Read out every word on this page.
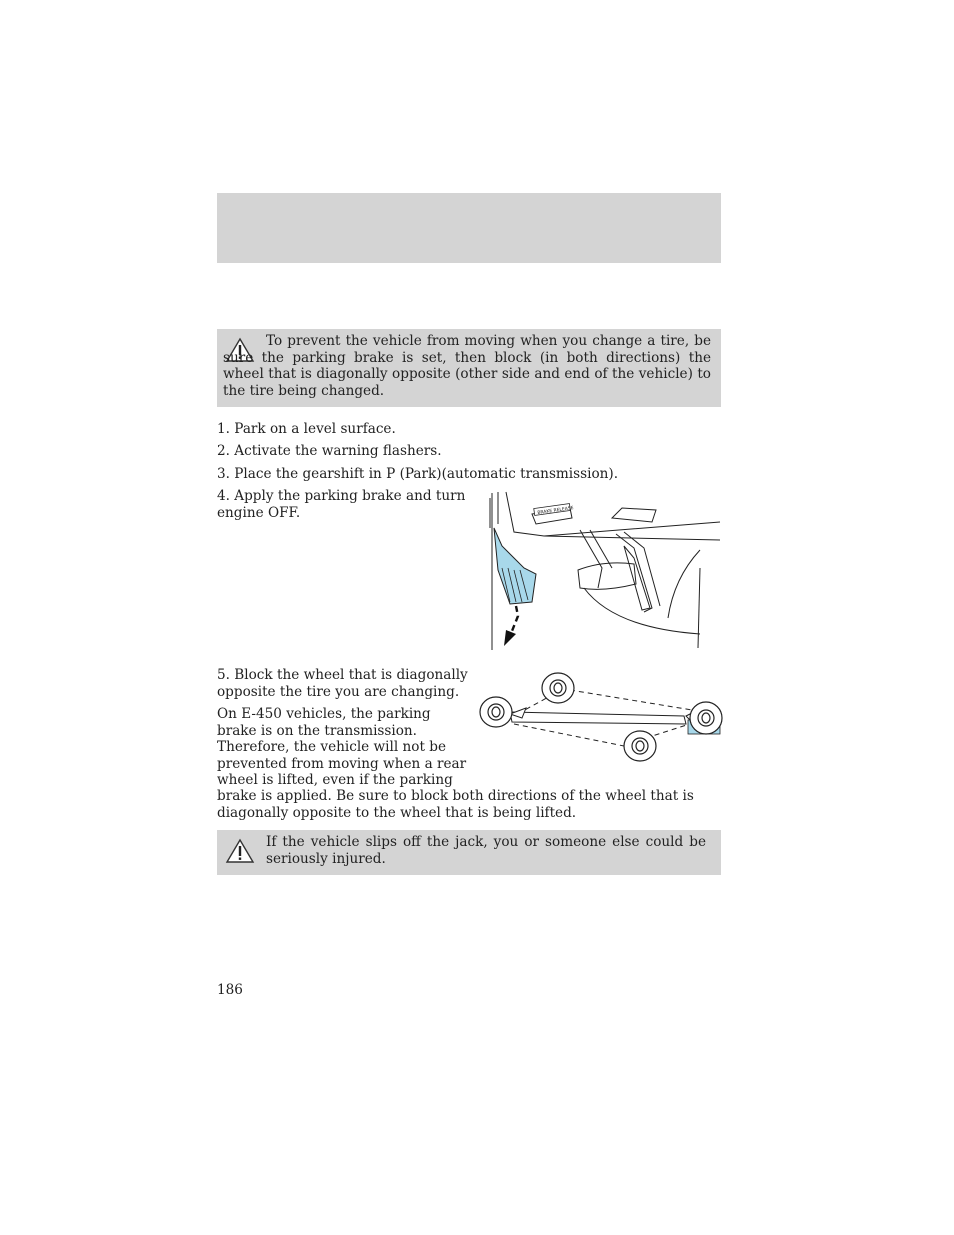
To prevent the vehicle from moving when you change a tire, be sure the parking brake is set, then block (in both directions) the wheel that is diagonally opposite (other side and end of the vehicle) to the tire being changed.
1. Park on a level surface.
2. Activate the warning flashers.
3. Place the gearshift in P (Park)(automatic transmission).
4. Apply the parking brake and turn engine OFF.	BRAKE RELEASE
5. Block the wheel that is diagonally opposite the tire you are changing.
On E-450 vehicles, the parking brake is on the transmission. Therefore, the vehicle will not be prevented from moving when a rear wheel is lifted, even if the parking
brake is applied. Be sure to block both directions of the wheel that is diagonally opposite to the wheel that is being lifted.
If the vehicle slips off the jack, you or someone else could be seriously injured.
186
